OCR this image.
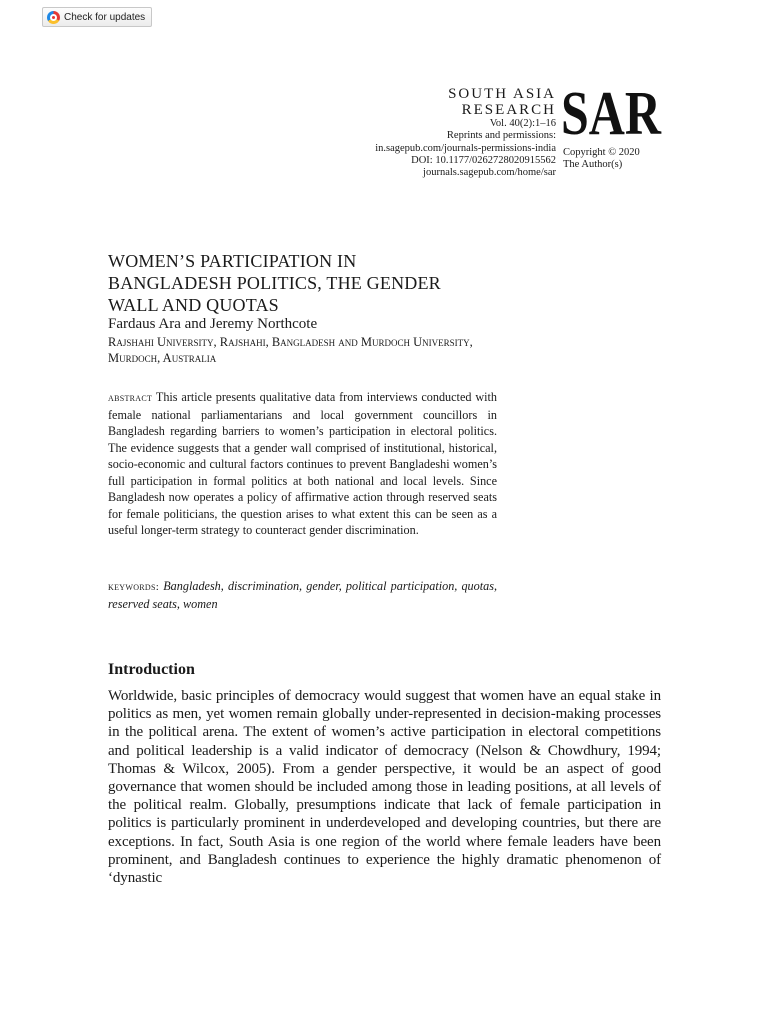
Check for updates
SOUTH ASIA
RESEARCH
Vol. 40(2):1–16
Reprints and permissions:
in.sagepub.com/journals-permissions-india
DOI: 10.1177/0262728020915562
journals.sagepub.com/home/sar
SAR
Copyright © 2020
The Author(s)
WOMEN’S PARTICIPATION IN
BANGLADESH POLITICS, THE GENDER
WALL AND QUOTAS
Fardaus Ara and Jeremy Northcote
Rajshahi University, Rajshahi, Bangladesh and Murdoch University,
Murdoch, Australia

abstract This article presents qualitative data from interviews conducted with female national parliamentarians and local government councillors in Bangladesh regarding barriers to women’s participation in electoral politics. The evidence suggests that a gender wall comprised of institutional, historical, socio-economic and cultural factors continues to prevent Bangladeshi women’s full participation in formal politics at both national and local levels. Since Bangladesh now operates a policy of affirmative action through reserved seats for female politicians, the question arises to what extent this can be seen as a useful longer-term strategy to counteract gender discrimination.

keywords: Bangladesh, discrimination, gender, political participation, quotas, reserved seats, women

Introduction

Worldwide, basic principles of democracy would suggest that women have an equal stake in politics as men, yet women remain globally under-represented in decision-making processes in the political arena. The extent of women’s active participation in electoral competitions and political leadership is a valid indicator of democracy (Nelson & Chowdhury, 1994; Thomas & Wilcox, 2005). From a gender perspective, it would be an aspect of good governance that women should be included among those in leading positions, at all levels of the political realm. Globally, presumptions indicate that lack of female participation in politics is particularly prominent in underdeveloped and developing countries, but there are exceptions. In fact, South Asia is one region of the world where female leaders have been prominent, and Bangladesh continues to experience the highly dramatic phenomenon of ‘dynastic
